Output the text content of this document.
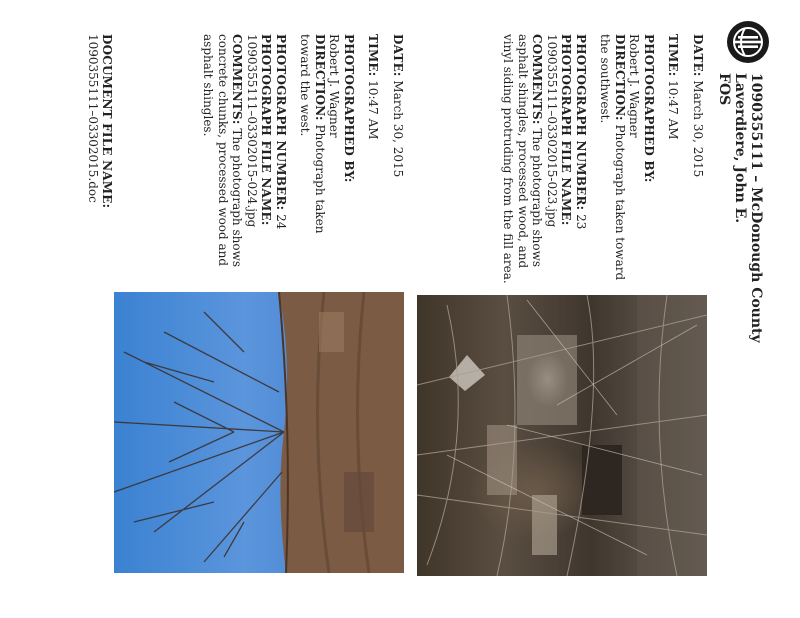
1090355111 – McDonough County
Laverdiere, John E.
FOS
DATE: March 30, 2015
TIME: 10:47 AM
PHOTOGRAPHED BY:
Robert J. Wagner
DIRECTION: Photograph taken toward the southwest.
PHOTOGRAPH NUMBER: 23
PHOTOGRAPH FILE NAME:
1090355111–03302015-023.jpg
COMMENTS: The photograph shows asphalt shingles, processed wood, and vinyl siding protruding from the fill area.
DATE: March 30, 2015
TIME: 10:47 AM
PHOTOGRAPHED BY:
Robert J. Wagner
DIRECTION: Photograph taken toward the west.
PHOTOGRAPH NUMBER: 24
PHOTOGRAPH FILE NAME:
1090355111–03302015-024.jpg
COMMENTS: The photograph shows concrete chunks, processed wood and asphalt shingles.
DOCUMENT FILE NAME:
1090355111–03302015.doc
